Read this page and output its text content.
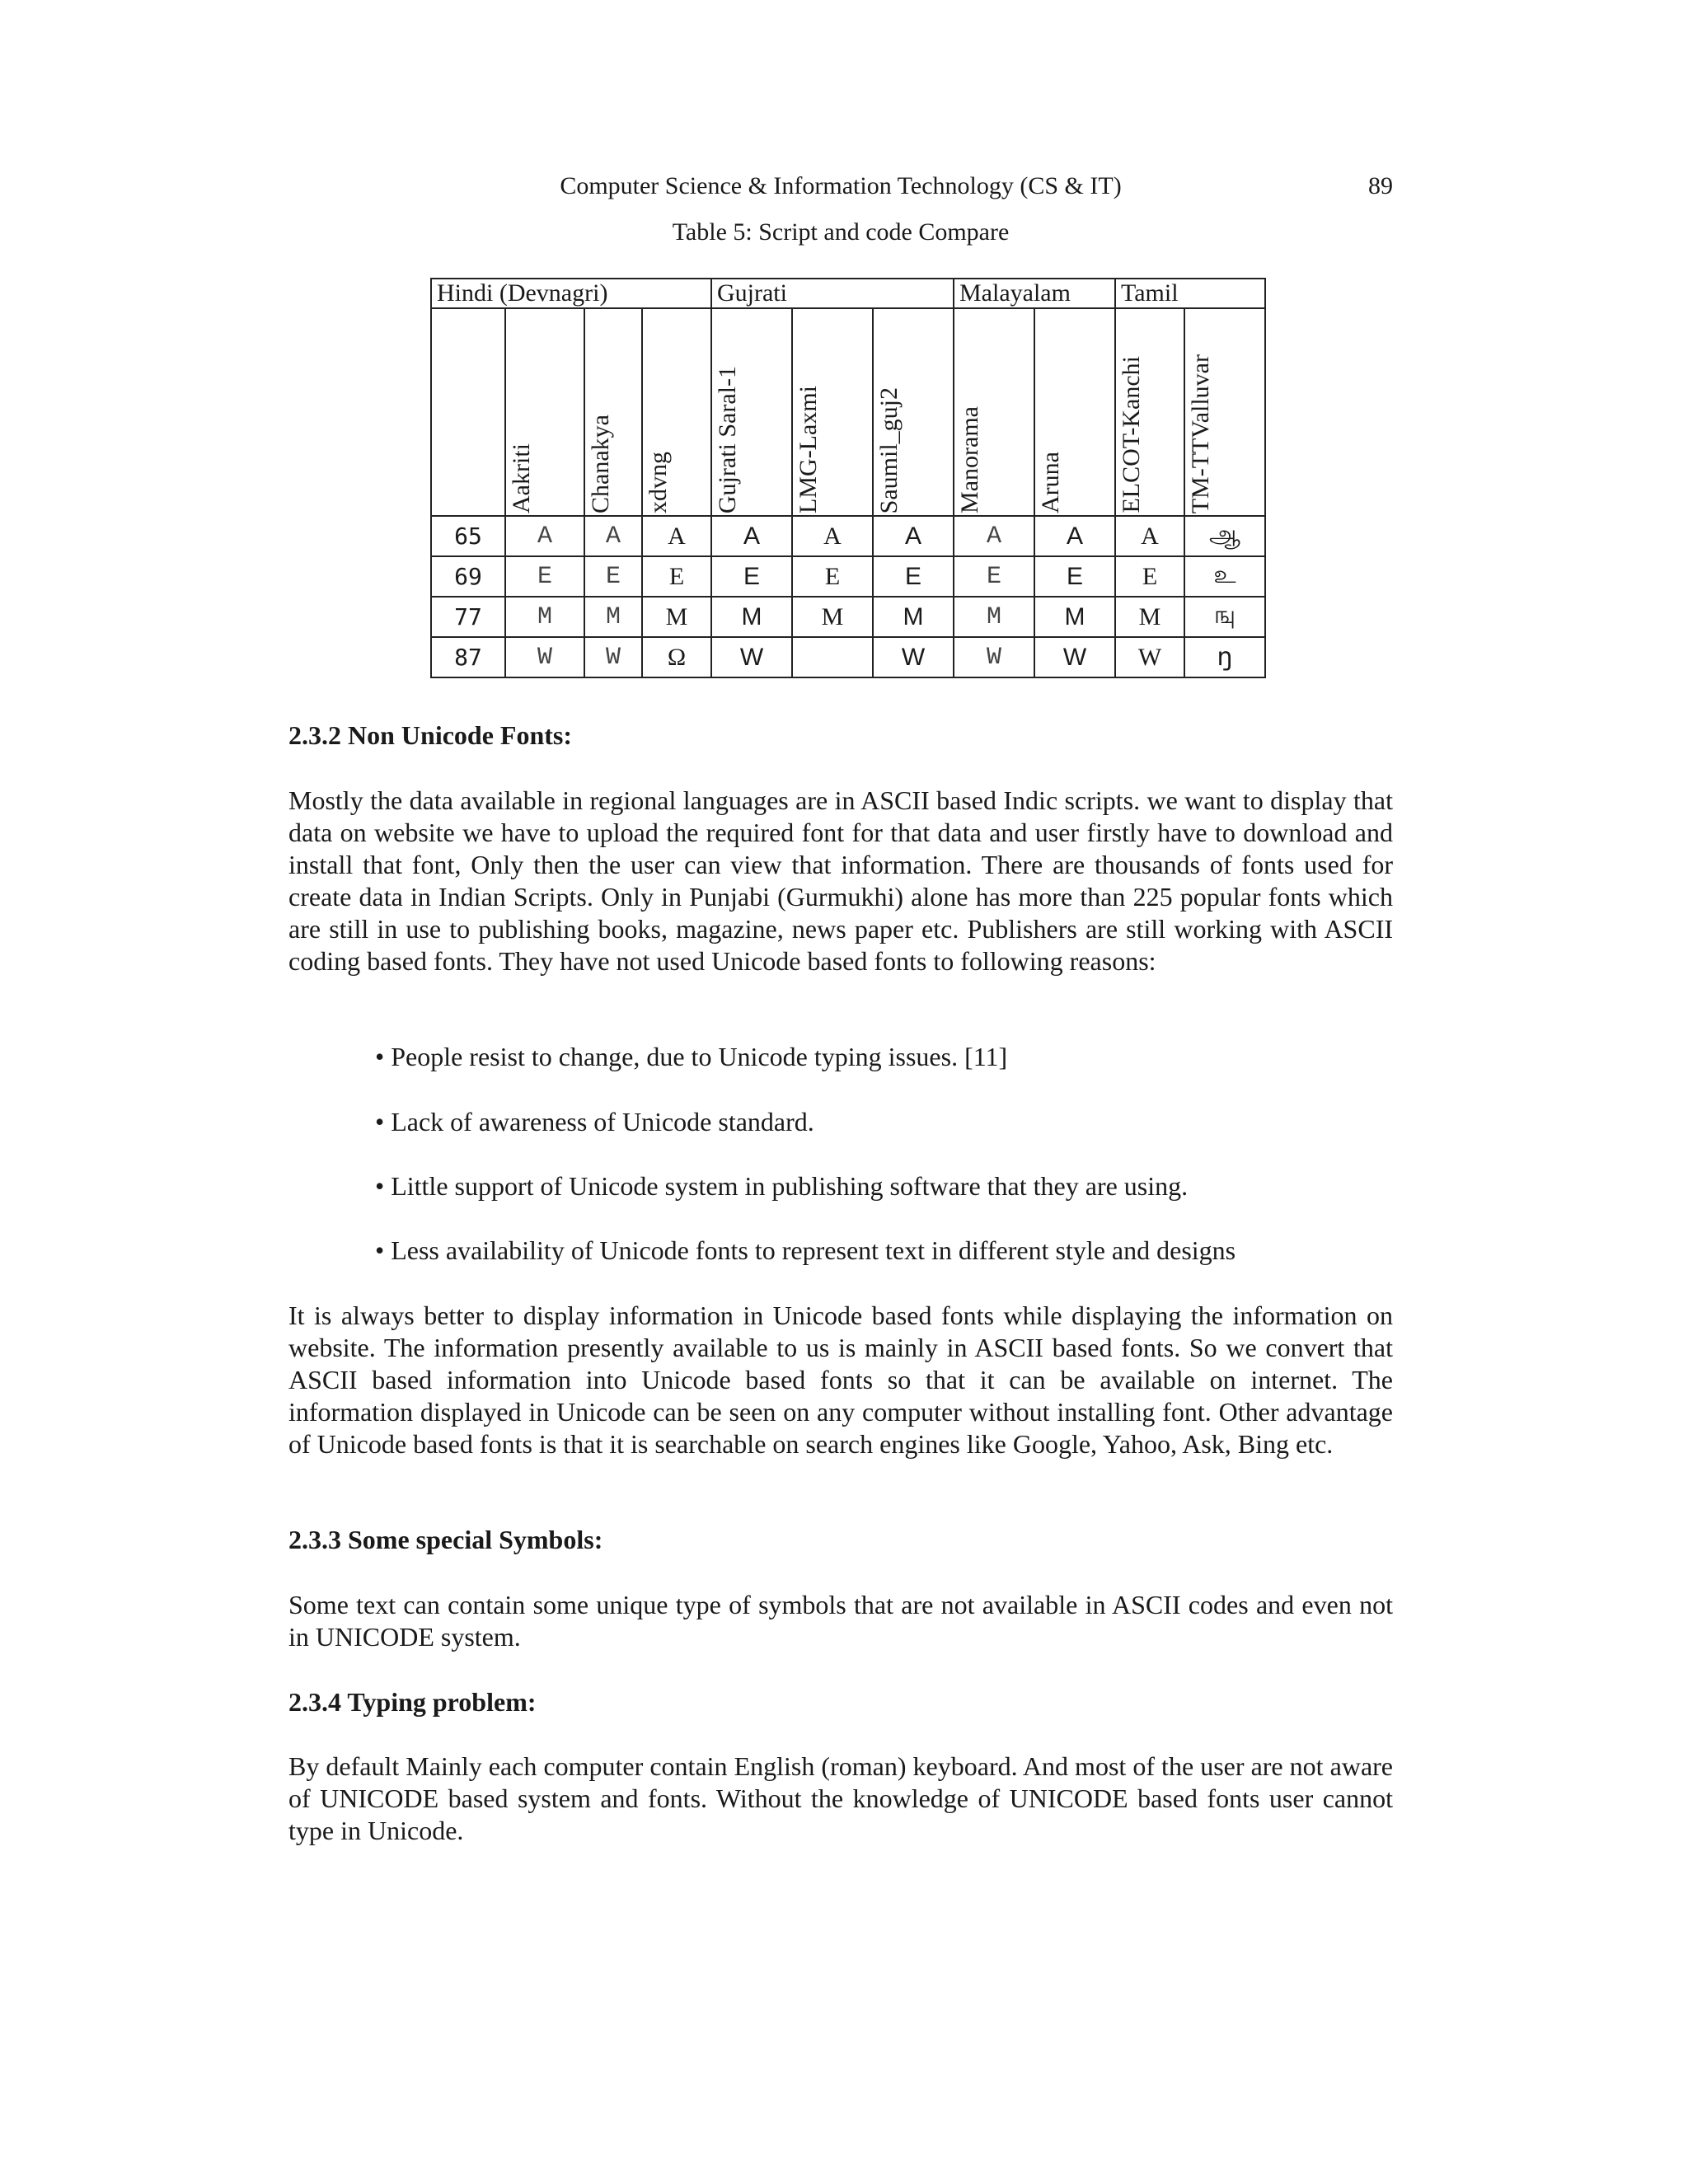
Computer Science & Information Technology (CS & IT)	89
Table 5: Script and code Compare
Hindi (Devnagri)				Gujrati			Malayalam		Tamil	

	Aakriti	Chanakya	xdvng	Gujrati Saral-1	LMG-Laxmi	Saumil_guj2	Manorama	Aruna	ELCOT-Kanchi	TM-TTValluvar

65	A	A	A	A	A	A	A	A	A	ஆ
69	E	E	E	E	E	E	E	E	E	உ
77	M	M	M	M	M	M	M	M	M	ஙு
87	W	W	Ω	W		W	W	W	W	ŋ
2.3.2 Non Unicode Fonts:

Mostly the data available in regional languages are in ASCII based Indic scripts. we want to display that data on website we have to upload the required font for that data and user firstly have to download and install that font, Only then the user can view that information. There are thousands of fonts used for create data in Indian Scripts. Only in Punjabi (Gurmukhi) alone has more than 225 popular fonts which are still in use to publishing books, magazine, news paper etc. Publishers are still working with ASCII coding based fonts. They have not used Unicode based fonts to following reasons:

• People resist to change, due to Unicode typing issues. [11]
• Lack of awareness of Unicode standard.
• Little support of Unicode system in publishing software that they are using.
• Less availability of Unicode fonts to represent text in different style and designs

It is always better to display information in Unicode based fonts while displaying the information on website. The information presently available to us is mainly in ASCII based fonts. So we convert that ASCII based information into Unicode based fonts so that it can be available on internet. The information displayed in Unicode can be seen on any computer without installing font. Other advantage of Unicode based fonts is that it is searchable on search engines like Google, Yahoo, Ask, Bing etc.

2.3.3 Some special Symbols:

Some text can contain some unique type of symbols that are not available in ASCII codes and even not in UNICODE system.

2.3.4 Typing problem:

By default Mainly each computer contain English (roman) keyboard. And most of the user are not aware of UNICODE based system and fonts. Without the knowledge of UNICODE based fonts user cannot type in Unicode.
